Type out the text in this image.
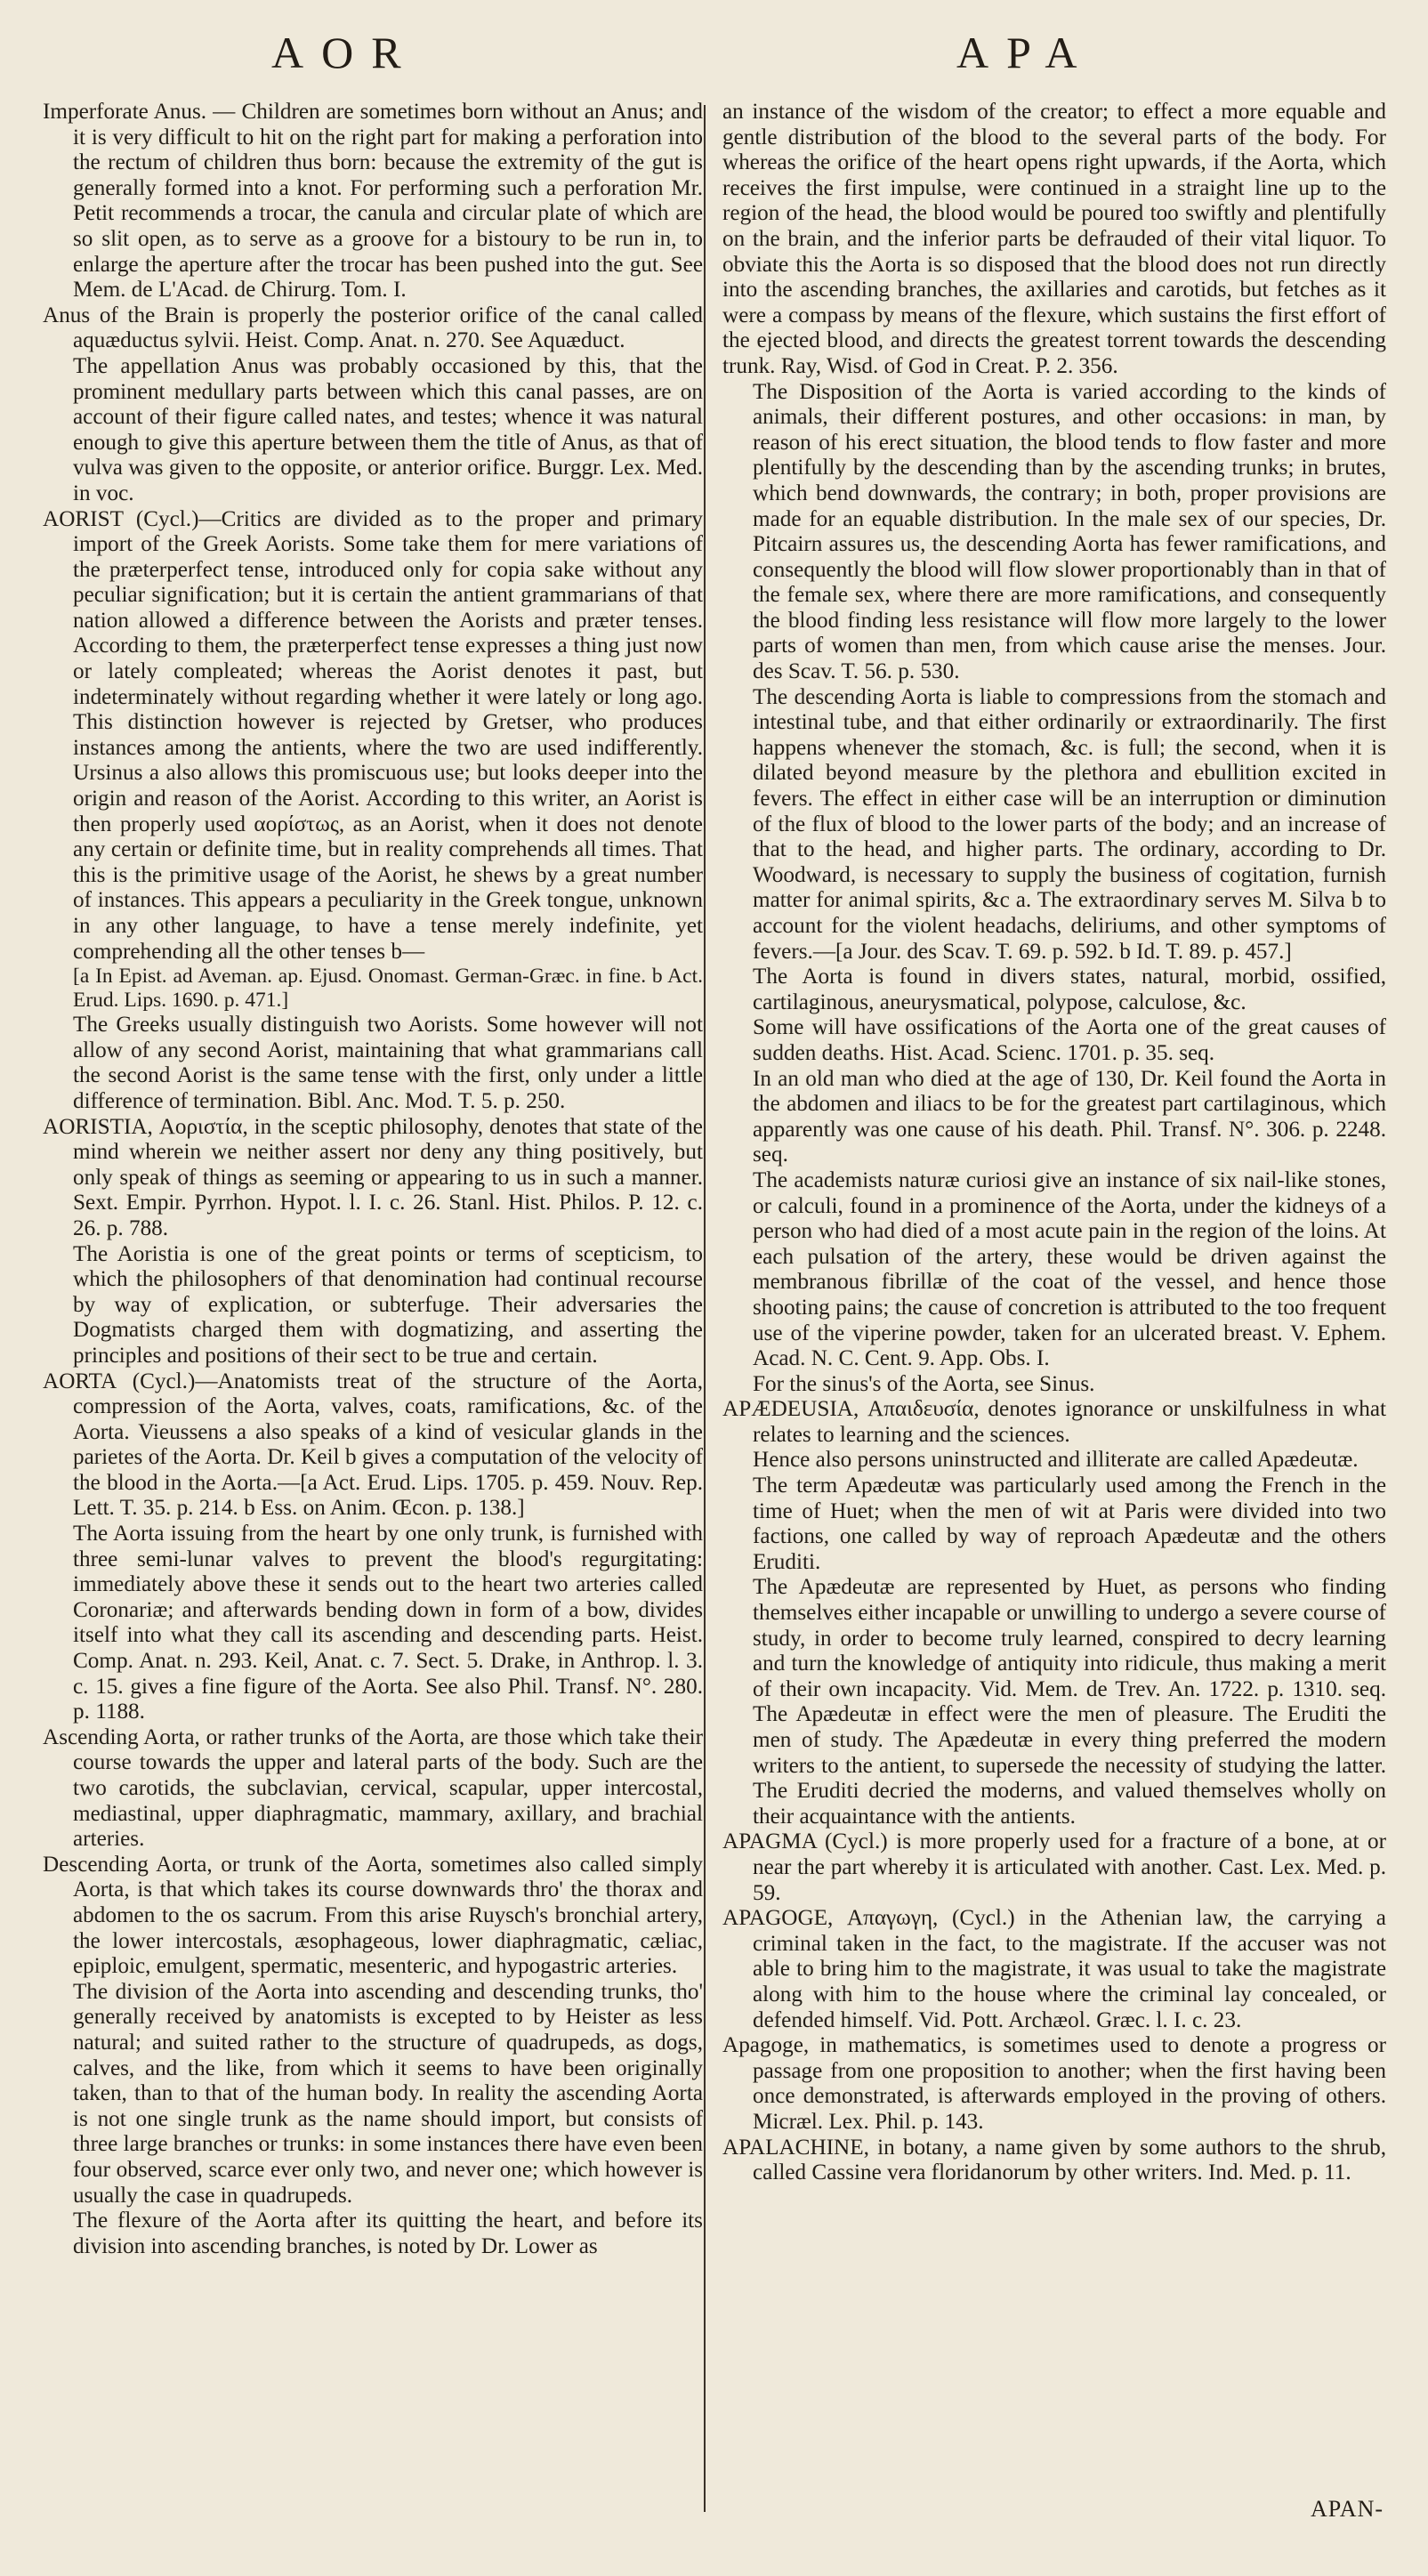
AOR	APA

Imperforate Anus. — Children are sometimes born without an Anus; and it is very difficult to hit on the right part for making a perforation into the rectum of children thus born: because the extremity of the gut is generally formed into a knot. For performing such a perforation Mr. Petit recommends a trocar, the canula and circular plate of which are so slit open, as to serve as a groove for a bistoury to be run in, to enlarge the aperture after the trocar has been pushed into the gut. See Mem. de L'Acad. de Chirurg. Tom. I.

Anus of the Brain is properly the posterior orifice of the canal called aquæductus sylvii. Heist. Comp. Anat. n. 270. See Aquæduct.

The appellation Anus was probably occasioned by this, that the prominent medullary parts between which this canal passes, are on account of their figure called nates, and testes; whence it was natural enough to give this aperture between them the title of Anus, as that of vulva was given to the opposite, or anterior orifice. Burggr. Lex. Med. in voc.

AORIST (Cycl.)—Critics are divided as to the proper and primary import of the Greek Aorists. Some take them for mere variations of the præterperfect tense, introduced only for copia sake without any peculiar signification; but it is certain the antient grammarians of that nation allowed a difference between the Aorists and præter tenses. According to them, the præterperfect tense expresses a thing just now or lately compleated; whereas the Aorist denotes it past, but indeterminately without regarding whether it were lately or long ago. This distinction however is rejected by Gretser, who produces instances among the antients, where the two are used indifferently. Ursinus a also allows this promiscuous use; but looks deeper into the origin and reason of the Aorist. According to this writer, an Aorist is then properly used αορίστως, as an Aorist, when it does not denote any certain or definite time, but in reality comprehends all times. That this is the primitive usage of the Aorist, he shews by a great number of instances. This appears a peculiarity in the Greek tongue, unknown in any other language, to have a tense merely indefinite, yet comprehending all the other tenses b—

[a In Epist. ad Aveman. ap. Ejusd. Onomast. German-Græc. in fine. b Act. Erud. Lips. 1690. p. 471.]

The Greeks usually distinguish two Aorists. Some however will not allow of any second Aorist, maintaining that what grammarians call the second Aorist is the same tense with the first, only under a little difference of termination. Bibl. Anc. Mod. T. 5. p. 250.

AORISTIA, Αοριστία, in the sceptic philosophy, denotes that state of the mind wherein we neither assert nor deny any thing positively, but only speak of things as seeming or appearing to us in such a manner. Sext. Empir. Pyrrhon. Hypot. l. I. c. 26. Stanl. Hist. Philos. P. 12. c. 26. p. 788.

The Aoristia is one of the great points or terms of scepticism, to which the philosophers of that denomination had continual recourse by way of explication, or subterfuge. Their adversaries the Dogmatists charged them with dogmatizing, and asserting the principles and positions of their sect to be true and certain.

AORTA (Cycl.)—Anatomists treat of the structure of the Aorta, compression of the Aorta, valves, coats, ramifications, &c. of the Aorta. Vieussens a also speaks of a kind of vesicular glands in the parietes of the Aorta. Dr. Keil b gives a computation of the velocity of the blood in the Aorta.—[a Act. Erud. Lips. 1705. p. 459. Nouv. Rep. Lett. T. 35. p. 214. b Ess. on Anim. Œcon. p. 138.]

The Aorta issuing from the heart by one only trunk, is furnished with three semi-lunar valves to prevent the blood's regurgitating: immediately above these it sends out to the heart two arteries called Coronariæ; and afterwards bending down in form of a bow, divides itself into what they call its ascending and descending parts. Heist. Comp. Anat. n. 293. Keil, Anat. c. 7. Sect. 5. Drake, in Anthrop. l. 3. c. 15. gives a fine figure of the Aorta. See also Phil. Transf. N°. 280. p. 1188.

Ascending Aorta, or rather trunks of the Aorta, are those which take their course towards the upper and lateral parts of the body. Such are the two carotids, the subclavian, cervical, scapular, upper intercostal, mediastinal, upper diaphragmatic, mammary, axillary, and brachial arteries.

Descending Aorta, or trunk of the Aorta, sometimes also called simply Aorta, is that which takes its course downwards thro' the thorax and abdomen to the os sacrum. From this arise Ruysch's bronchial artery, the lower intercostals, æsophageous, lower diaphragmatic, cæliac, epiploic, emulgent, spermatic, mesenteric, and hypogastric arteries.

The division of the Aorta into ascending and descending trunks, tho' generally received by anatomists is excepted to by Heister as less natural; and suited rather to the structure of quadrupeds, as dogs, calves, and the like, from which it seems to have been originally taken, than to that of the human body. In reality the ascending Aorta is not one single trunk as the name should import, but consists of three large branches or trunks: in some instances there have even been four observed, scarce ever only two, and never one; which however is usually the case in quadrupeds.

The flexure of the Aorta after its quitting the heart, and before its division into ascending branches, is noted by Dr. Lower as

an instance of the wisdom of the creator; to effect a more equable and gentle distribution of the blood to the several parts of the body. For whereas the orifice of the heart opens right upwards, if the Aorta, which receives the first impulse, were continued in a straight line up to the region of the head, the blood would be poured too swiftly and plentifully on the brain, and the inferior parts be defrauded of their vital liquor. To obviate this the Aorta is so disposed that the blood does not run directly into the ascending branches, the axillaries and carotids, but fetches as it were a compass by means of the flexure, which sustains the first effort of the ejected blood, and directs the greatest torrent towards the descending trunk. Ray, Wisd. of God in Creat. P. 2. 356.

The Disposition of the Aorta is varied according to the kinds of animals, their different postures, and other occasions: in man, by reason of his erect situation, the blood tends to flow faster and more plentifully by the descending than by the ascending trunks; in brutes, which bend downwards, the contrary; in both, proper provisions are made for an equable distribution. In the male sex of our species, Dr. Pitcairn assures us, the descending Aorta has fewer ramifications, and consequently the blood will flow slower proportionably than in that of the female sex, where there are more ramifications, and consequently the blood finding less resistance will flow more largely to the lower parts of women than men, from which cause arise the menses. Jour. des Scav. T. 56. p. 530.

The descending Aorta is liable to compressions from the stomach and intestinal tube, and that either ordinarily or extraordinarily. The first happens whenever the stomach, &c. is full; the second, when it is dilated beyond measure by the plethora and ebullition excited in fevers. The effect in either case will be an interruption or diminution of the flux of blood to the lower parts of the body; and an increase of that to the head, and higher parts. The ordinary, according to Dr. Woodward, is necessary to supply the business of cogitation, furnish matter for animal spirits, &c a. The extraordinary serves M. Silva b to account for the violent headachs, deliriums, and other symptoms of fevers.—[a Jour. des Scav. T. 69. p. 592. b Id. T. 89. p. 457.]

The Aorta is found in divers states, natural, morbid, ossified, cartilaginous, aneurysmatical, polypose, calculose, &c.

Some will have ossifications of the Aorta one of the great causes of sudden deaths. Hist. Acad. Scienc. 1701. p. 35. seq.

In an old man who died at the age of 130, Dr. Keil found the Aorta in the abdomen and iliacs to be for the greatest part cartilaginous, which apparently was one cause of his death. Phil. Transf. N°. 306. p. 2248. seq.

The academists naturæ curiosi give an instance of six nail-like stones, or calculi, found in a prominence of the Aorta, under the kidneys of a person who had died of a most acute pain in the region of the loins. At each pulsation of the artery, these would be driven against the membranous fibrillæ of the coat of the vessel, and hence those shooting pains; the cause of concretion is attributed to the too frequent use of the viperine powder, taken for an ulcerated breast. V. Ephem. Acad. N. C. Cent. 9. App. Obs. I.

For the sinus's of the Aorta, see Sinus.

APÆDEUSIA, Απαιδευσία, denotes ignorance or unskilfulness in what relates to learning and the sciences.

Hence also persons uninstructed and illiterate are called Apædeutæ.

The term Apædeutæ was particularly used among the French in the time of Huet; when the men of wit at Paris were divided into two factions, one called by way of reproach Apædeutæ and the others Eruditi.

The Apædeutæ are represented by Huet, as persons who finding themselves either incapable or unwilling to undergo a severe course of study, in order to become truly learned, conspired to decry learning and turn the knowledge of antiquity into ridicule, thus making a merit of their own incapacity. Vid. Mem. de Trev. An. 1722. p. 1310. seq. The Apædeutæ in effect were the men of pleasure. The Eruditi the men of study. The Apædeutæ in every thing preferred the modern writers to the antient, to supersede the necessity of studying the latter. The Eruditi decried the moderns, and valued themselves wholly on their acquaintance with the antients.

APAGMA (Cycl.) is more properly used for a fracture of a bone, at or near the part whereby it is articulated with another. Cast. Lex. Med. p. 59.

APAGOGE, Απαγωγη, (Cycl.) in the Athenian law, the carrying a criminal taken in the fact, to the magistrate. If the accuser was not able to bring him to the magistrate, it was usual to take the magistrate along with him to the house where the criminal lay concealed, or defended himself. Vid. Pott. Archæol. Græc. l. I. c. 23.

Apagoge, in mathematics, is sometimes used to denote a progress or passage from one proposition to another; when the first having been once demonstrated, is afterwards employed in the proving of others. Micræl. Lex. Phil. p. 143.

APALACHINE, in botany, a name given by some authors to the shrub, called Cassine vera floridanorum by other writers. Ind. Med. p. 11.

APAN-
